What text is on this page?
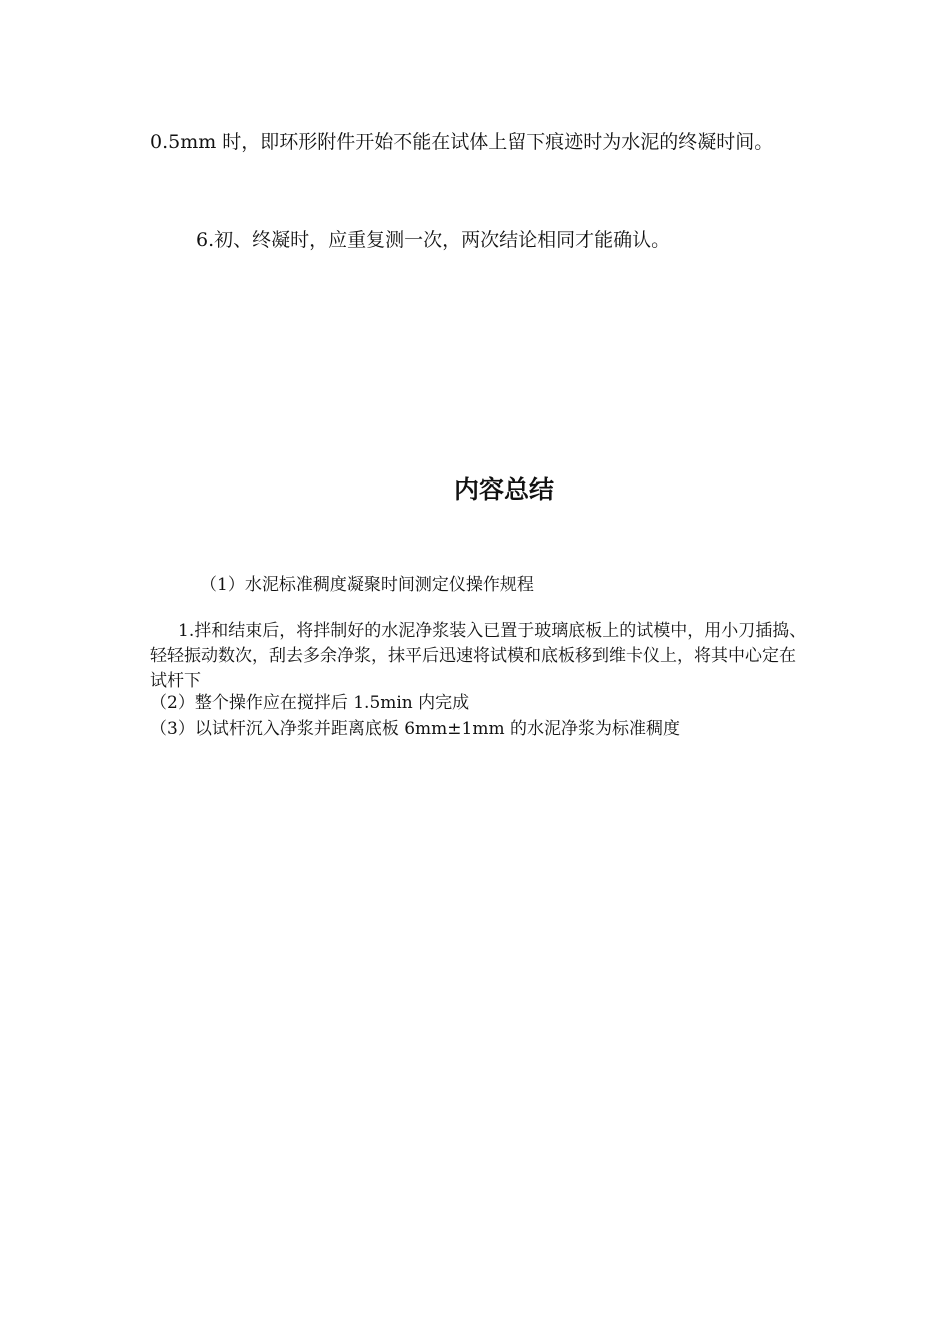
0.5mm 时，即环形附件开始不能在试体上留下痕迹时为水泥的终凝时间。

6.初、终凝时，应重复测一次，两次结论相同才能确认。

内容总结

（1）水泥标准稠度凝聚时间测定仪操作规程

1.拌和结束后，将拌制好的水泥净浆装入已置于玻璃底板上的试模中，用小刀插捣、轻轻振动数次，刮去多余净浆，抹平后迅速将试模和底板移到维卡仪上，将其中心定在试杆下

（2）整个操作应在搅拌后 1.5min 内完成

（3）以试杆沉入净浆并距离底板 6mm±1mm 的水泥净浆为标准稠度
